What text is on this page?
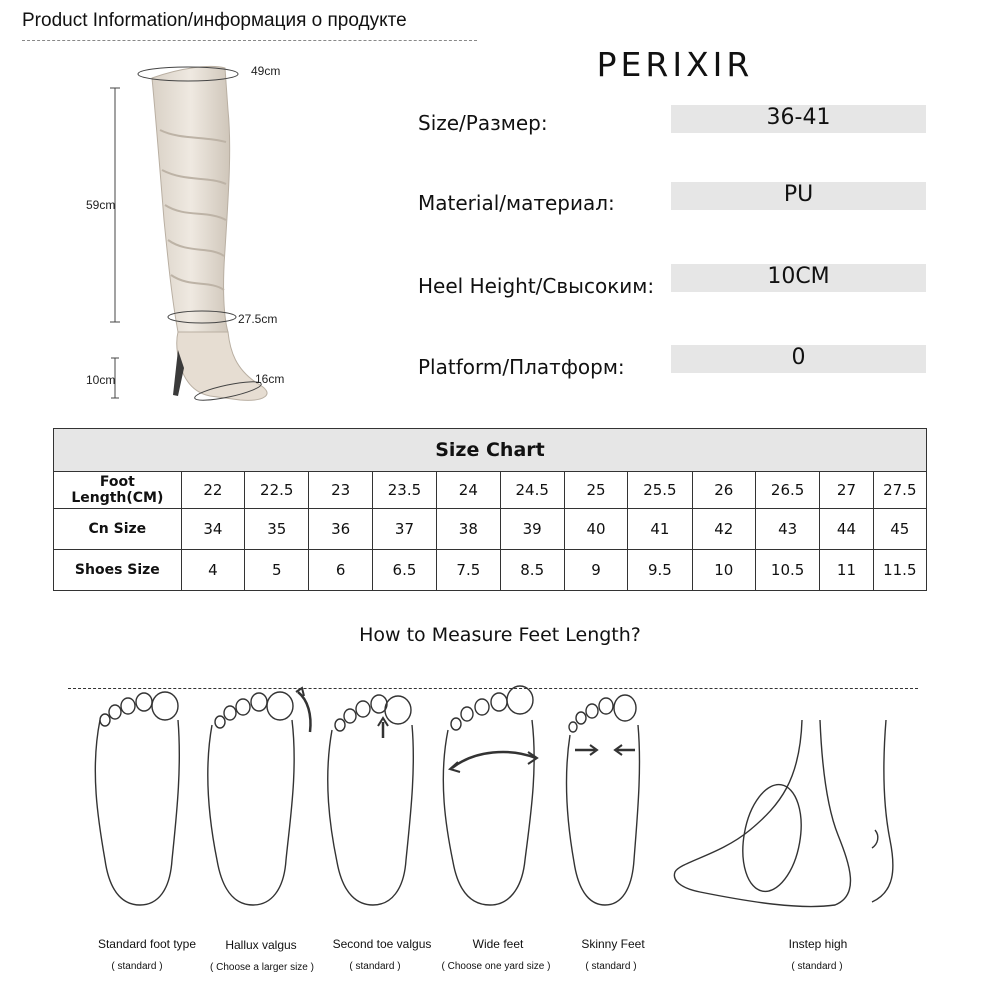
Product Information/информация о продукте
49cm
59cm
27.5cm
10cm	16cm
PERIXIR
Size/Размер:	36-41
Material/материал:	PU
Heel Height/Свысоким:	10CM
Platform/Платформ:	0
Size Chart												
Foot Length(CM)	22	22.5	23	23.5	24	24.5	25	25.5	26	26.5	27	27.5
Cn Size	34	35	36	37	38	39	40	41	42	43	44	45
Shoes Size	4	5	6	6.5	7.5	8.5	9	9.5	10	10.5	11	11.5
How to Measure Feet Length?
Standard foot type
( standard )
Hallux valgus
( Choose a larger size )
Second toe valgus
( standard )
Wide feet
( Choose one yard size )
Skinny Feet
( standard )
Instep high
( standard )
